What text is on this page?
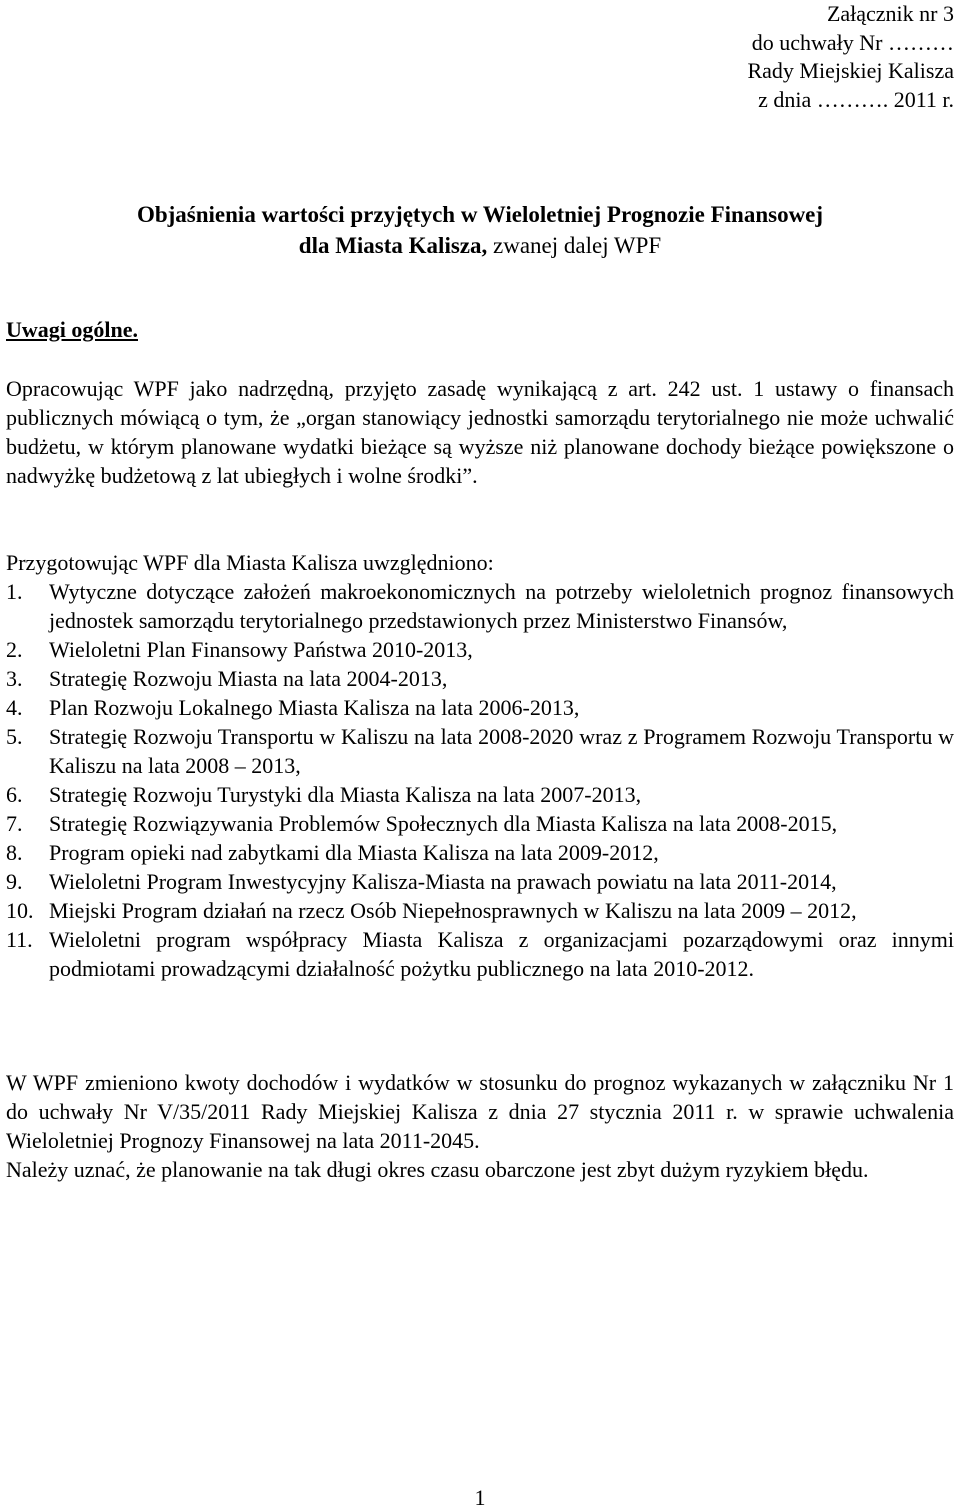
Załącznik nr 3
do uchwały Nr ………
Rady Miejskiej Kalisza
z dnia ………. 2011 r.
Objaśnienia wartości przyjętych w Wieloletniej Prognozie Finansowej
dla Miasta Kalisza, zwanej dalej WPF
Uwagi ogólne.
Opracowując WPF jako nadrzędną, przyjęto zasadę wynikającą z art. 242 ust. 1 ustawy o finansach publicznych mówiącą o tym, że „organ stanowiący jednostki samorządu terytorialnego nie może uchwalić budżetu, w którym planowane wydatki bieżące są wyższe niż planowane dochody bieżące powiększone o nadwyżkę budżetową z lat ubiegłych i wolne środki”.
Przygotowując WPF dla Miasta Kalisza uwzględniono:
1. Wytyczne dotyczące założeń makroekonomicznych na potrzeby wieloletnich prognoz finansowych jednostek samorządu terytorialnego przedstawionych przez Ministerstwo Finansów,
2. Wieloletni Plan Finansowy Państwa 2010-2013,
3. Strategię Rozwoju Miasta na lata 2004-2013,
4. Plan Rozwoju Lokalnego Miasta Kalisza na lata 2006-2013,
5. Strategię Rozwoju Transportu w Kaliszu na lata 2008-2020 wraz z Programem Rozwoju Transportu w Kaliszu na lata 2008 – 2013,
6. Strategię Rozwoju Turystyki dla Miasta Kalisza na lata 2007-2013,
7. Strategię Rozwiązywania Problemów Społecznych dla Miasta Kalisza na lata 2008-2015,
8. Program opieki nad zabytkami dla Miasta Kalisza na lata 2009-2012,
9. Wieloletni Program Inwestycyjny Kalisza-Miasta na prawach powiatu na lata 2011-2014,
10. Miejski Program działań na rzecz Osób Niepełnosprawnych w Kaliszu na lata 2009 – 2012,
11. Wieloletni program współpracy Miasta Kalisza z organizacjami pozarządowymi oraz innymi podmiotami prowadzącymi działalność pożytku publicznego na lata 2010-2012.
W WPF zmieniono kwoty dochodów i wydatków w stosunku do prognoz wykazanych w załączniku Nr 1 do uchwały Nr V/35/2011 Rady Miejskiej Kalisza z dnia 27 stycznia 2011 r. w sprawie uchwalenia Wieloletniej Prognozy Finansowej na lata 2011-2045.
Należy uznać, że planowanie na tak długi okres czasu obarczone jest zbyt dużym ryzykiem błędu.
1
